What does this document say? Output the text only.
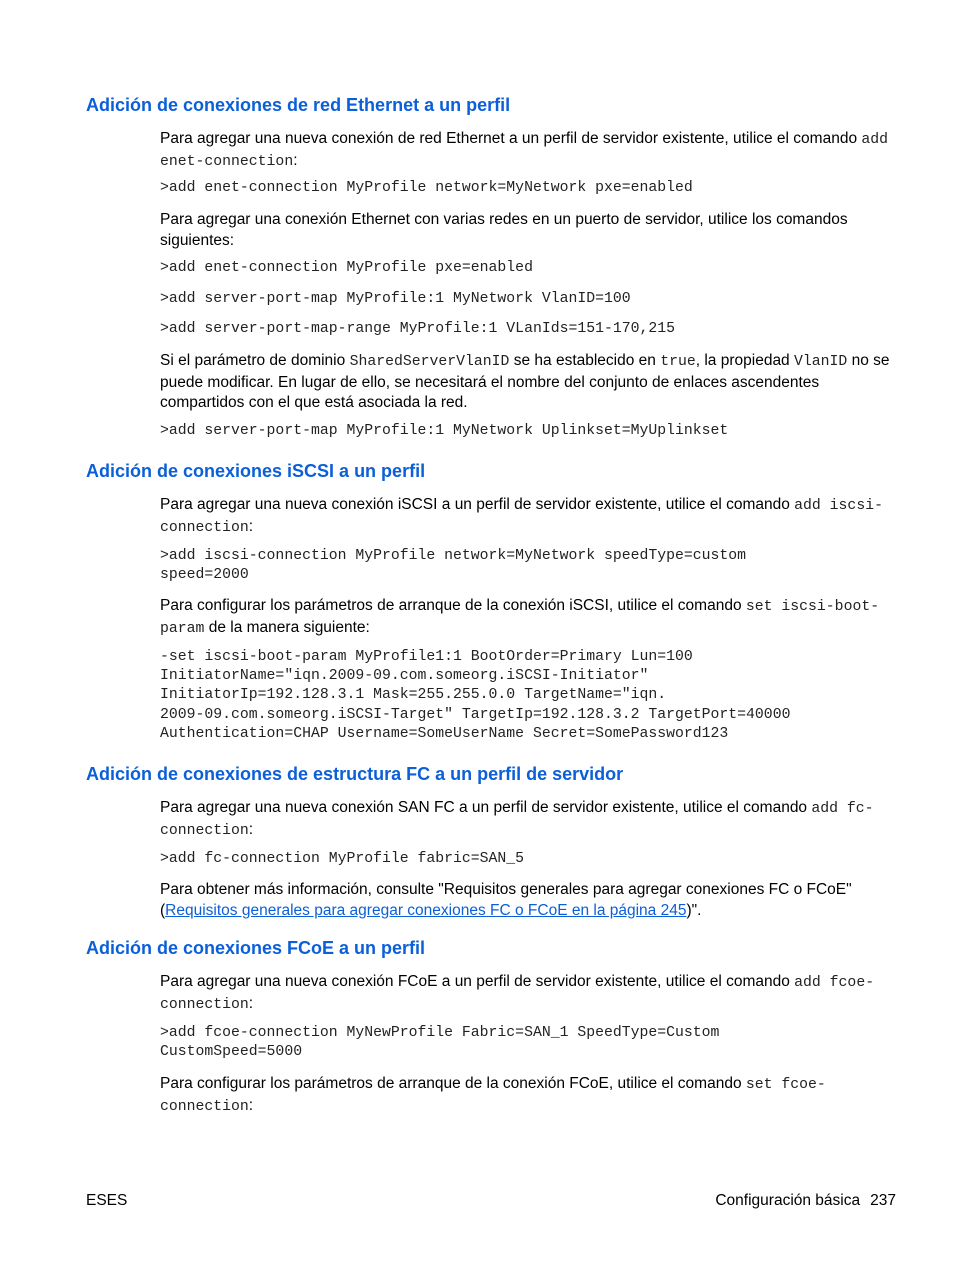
Adición de conexiones de red Ethernet a un perfil

Para agregar una nueva conexión de red Ethernet a un perfil de servidor existente, utilice el comando add enet-connection:

>add enet-connection MyProfile network=MyNetwork pxe=enabled

Para agregar una conexión Ethernet con varias redes en un puerto de servidor, utilice los comandos siguientes:

>add enet-connection MyProfile pxe=enabled
>add server-port-map MyProfile:1 MyNetwork VlanID=100
>add server-port-map-range MyProfile:1 VLanIds=151-170,215

Si el parámetro de dominio SharedServerVlanID se ha establecido en true, la propiedad VlanID no se puede modificar. En lugar de ello, se necesitará el nombre del conjunto de enlaces ascendentes compartidos con el que está asociada la red.

>add server-port-map MyProfile:1 MyNetwork Uplinkset=MyUplinkset
Adición de conexiones iSCSI a un perfil

Para agregar una nueva conexión iSCSI a un perfil de servidor existente, utilice el comando add iscsi-connection:

>add iscsi-connection MyProfile network=MyNetwork speedType=custom
speed=2000

Para configurar los parámetros de arranque de la conexión iSCSI, utilice el comando set iscsi-boot-param de la manera siguiente:

-set iscsi-boot-param MyProfile1:1 BootOrder=Primary Lun=100
InitiatorName="iqn.2009-09.com.someorg.iSCSI-Initiator"
InitiatorIp=192.128.3.1 Mask=255.255.0.0 TargetName="iqn.
2009-09.com.someorg.iSCSI-Target" TargetIp=192.128.3.2 TargetPort=40000
Authentication=CHAP Username=SomeUserName Secret=SomePassword123
Adición de conexiones de estructura FC a un perfil de servidor

Para agregar una nueva conexión SAN FC a un perfil de servidor existente, utilice el comando add fc-connection:

>add fc-connection MyProfile fabric=SAN_5

Para obtener más información, consulte "Requisitos generales para agregar conexiones FC o FCoE" (Requisitos generales para agregar conexiones FC o FCoE en la página 245)".

Adición de conexiones FCoE a un perfil

Para agregar una nueva conexión FCoE a un perfil de servidor existente, utilice el comando add fcoe-connection:

>add fcoe-connection MyNewProfile Fabric=SAN_1 SpeedType=Custom
CustomSpeed=5000

Para configurar los parámetros de arranque de la conexión FCoE, utilice el comando set fcoe-connection:

ESES	Configuración básica 237
